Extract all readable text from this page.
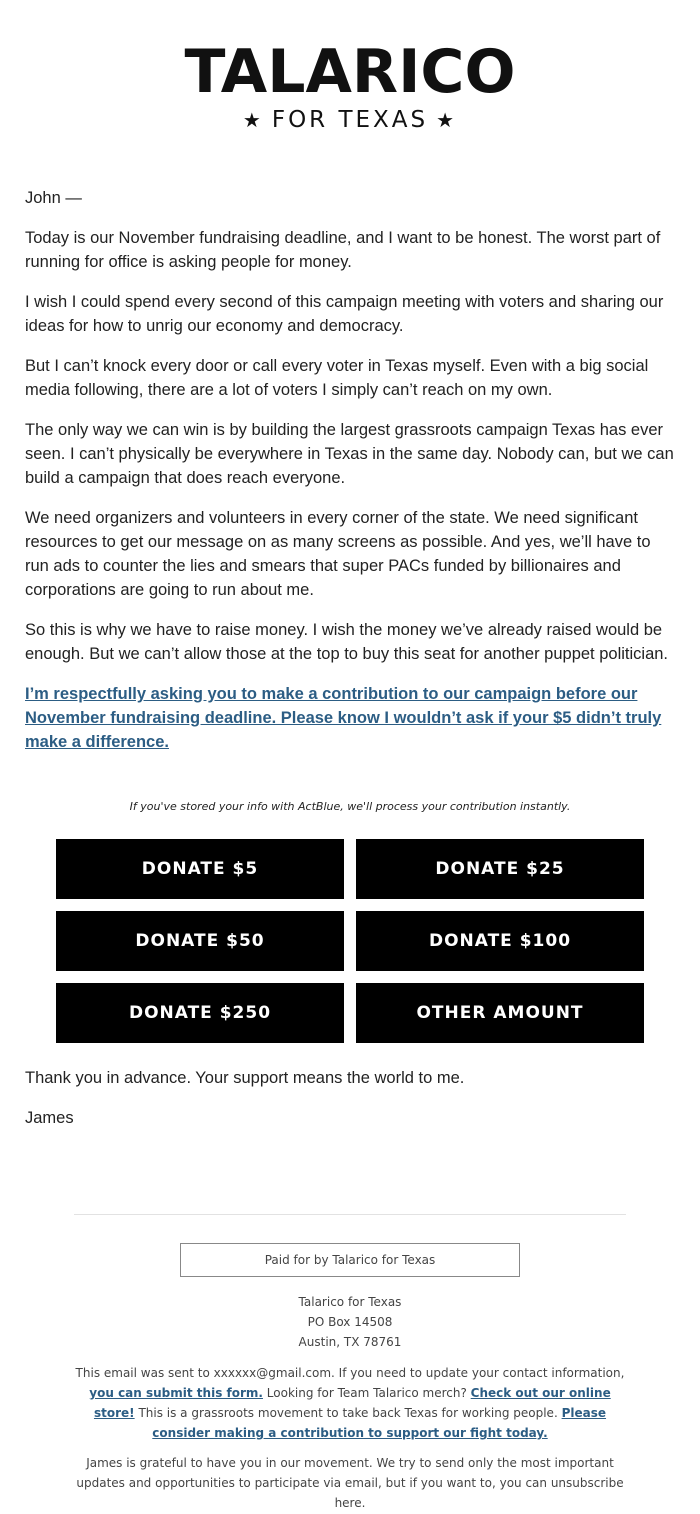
TALARICO
★ FOR TEXAS ★

John —

Today is our November fundraising deadline, and I want to be honest. The worst part of running for office is asking people for money.

I wish I could spend every second of this campaign meeting with voters and sharing our ideas for how to unrig our economy and democracy.

But I can’t knock every door or call every voter in Texas myself. Even with a big social media following, there are a lot of voters I simply can’t reach on my own.

The only way we can win is by building the largest grassroots campaign Texas has ever seen. I can’t physically be everywhere in Texas in the same day. Nobody can, but we can build a campaign that does reach everyone.

We need organizers and volunteers in every corner of the state. We need significant resources to get our message on as many screens as possible. And yes, we’ll have to run ads to counter the lies and smears that super PACs funded by billionaires and corporations are going to run about me.

So this is why we have to raise money. I wish the money we’ve already raised would be enough. But we can’t allow those at the top to buy this seat for another puppet politician.

I’m respectfully asking you to make a contribution to our campaign before our November fundraising deadline. Please know I wouldn’t ask if your $5 didn’t truly make a difference.

If you've stored your info with ActBlue, we'll process your contribution instantly.
DONATE $5	DONATE $25
DONATE $50	DONATE $100
DONATE $250	OTHER AMOUNT

Thank you in advance. Your support means the world to me.

James

Paid for by Talarico for Texas
Talarico for Texas
PO Box 14508
Austin, TX 78761
This email was sent to xxxxxx@gmail.com. If you need to update your contact information, you can submit this form. Looking for Team Talarico merch? Check out our online store! This is a grassroots movement to take back Texas for working people. Please consider making a contribution to support our fight today.
James is grateful to have you in our movement. We try to send only the most important updates and opportunities to participate via email, but if you want to, you can unsubscribe here.
